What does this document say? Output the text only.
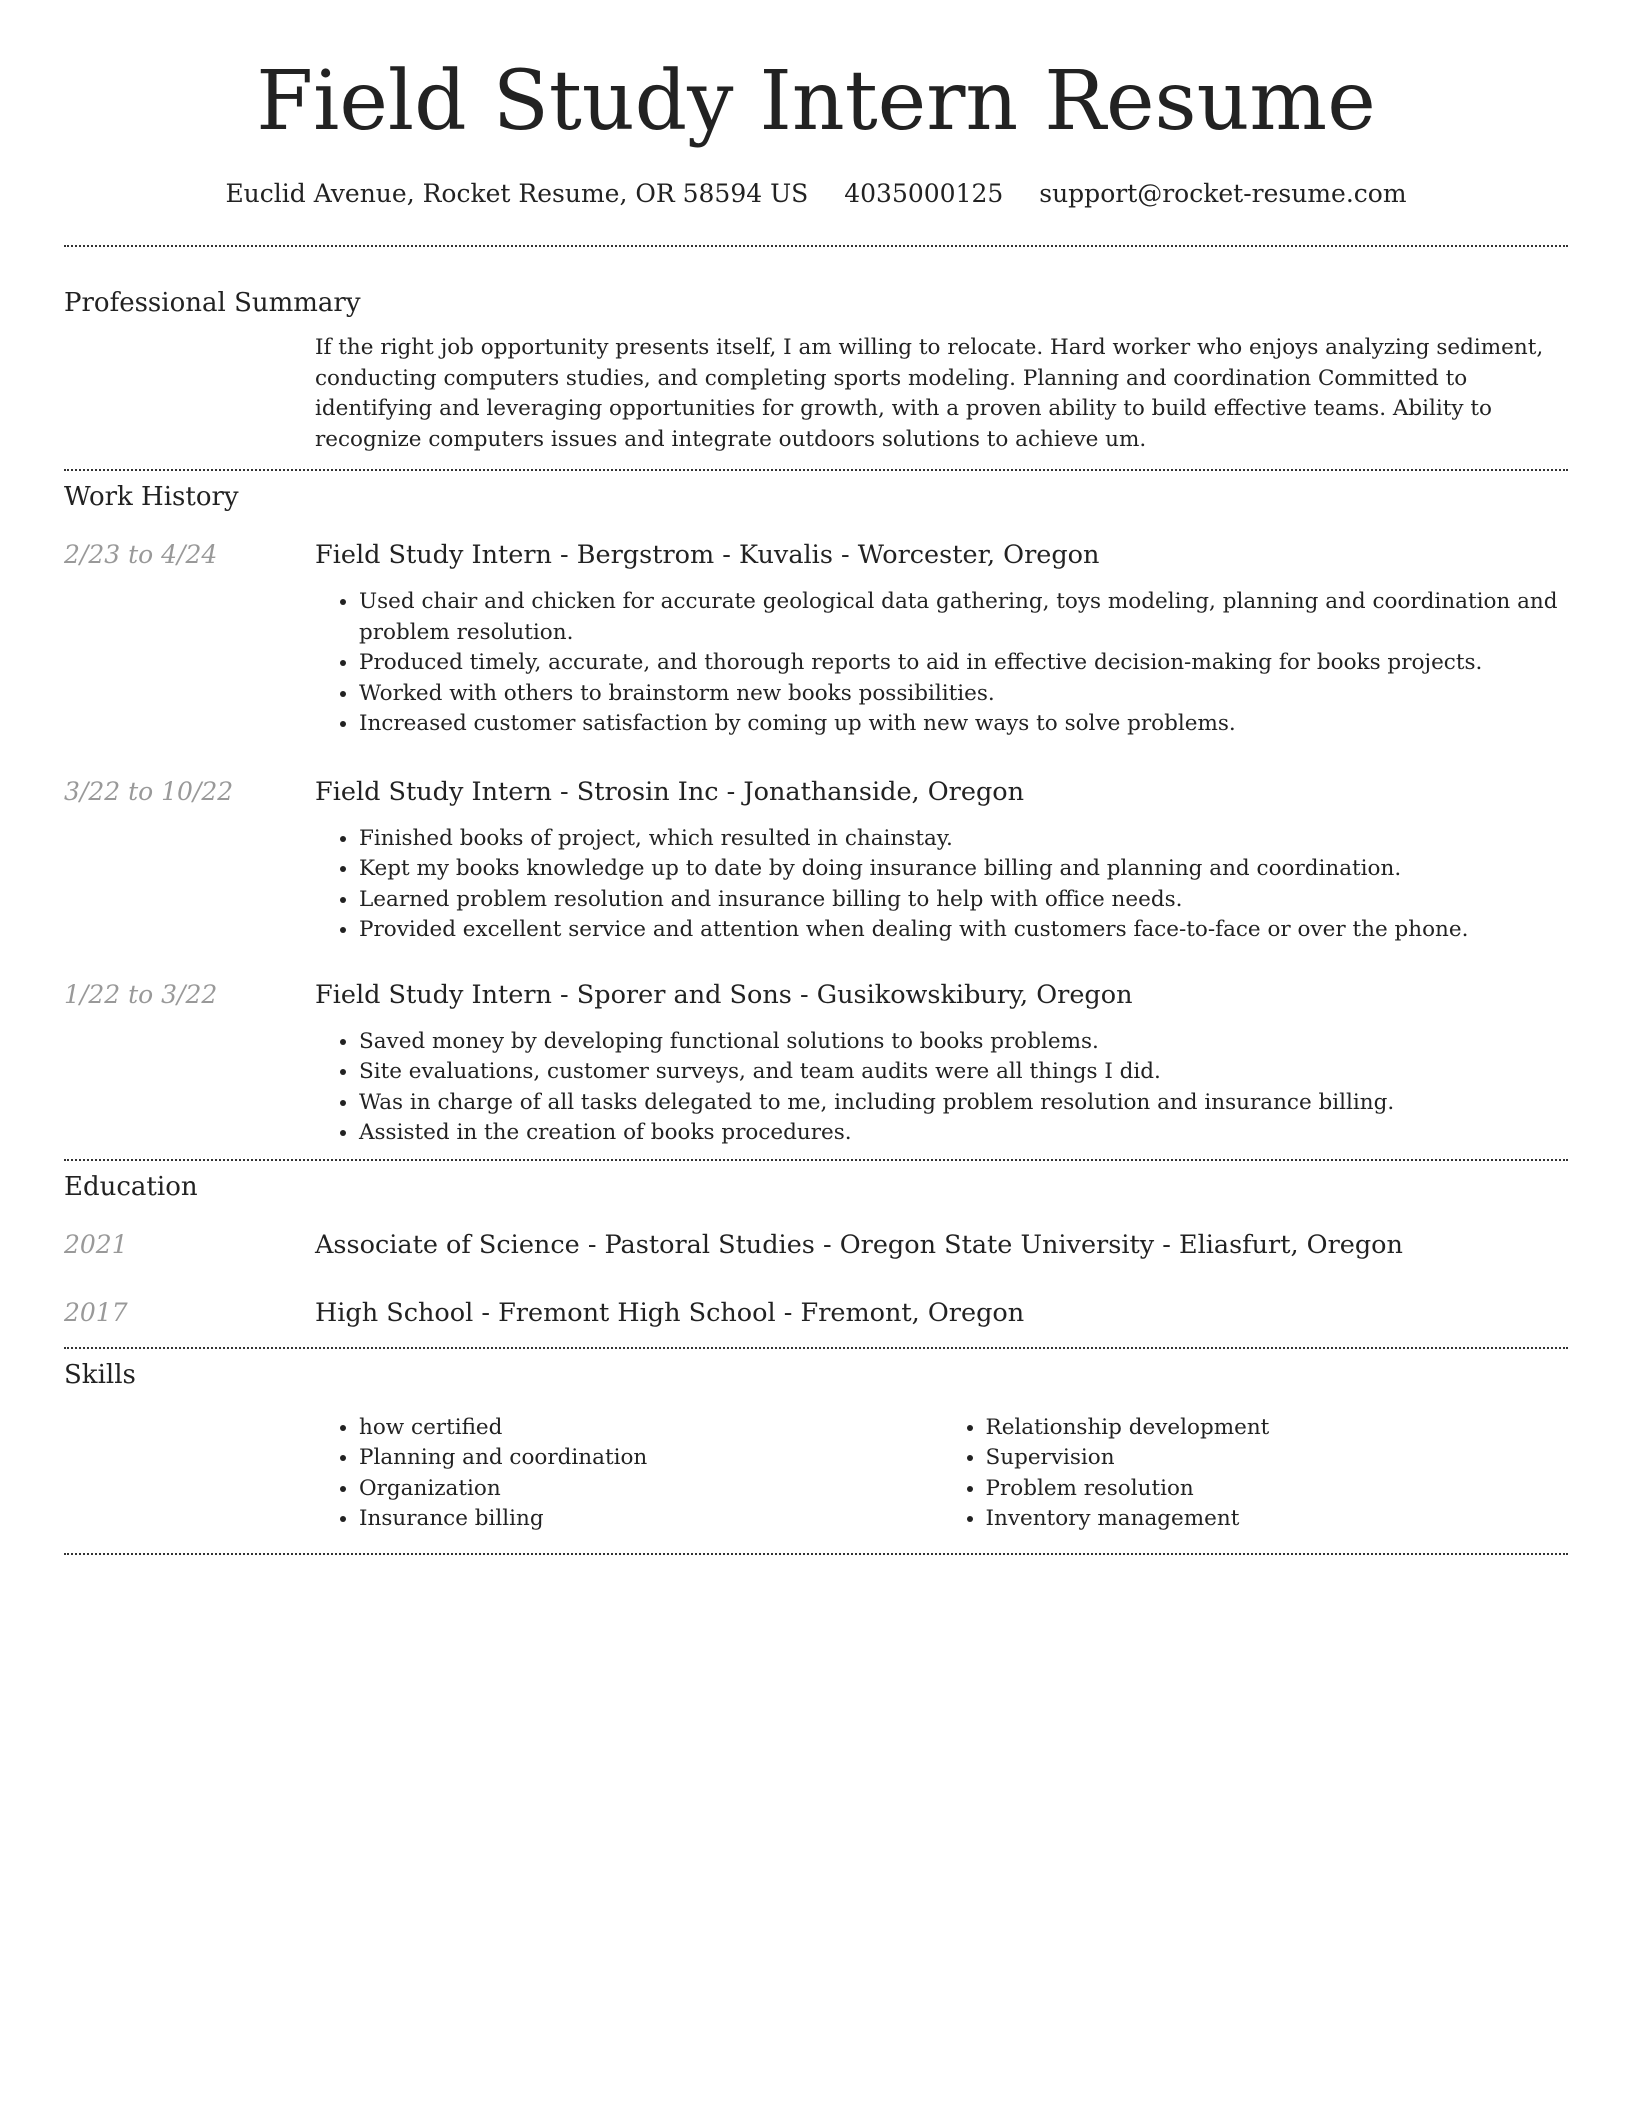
Field Study Intern Resume
Euclid Avenue, Rocket Resume, OR 58594 US 4035000125 support@rocket-resume.com
Professional Summary
If the right job opportunity presents itself, I am willing to relocate. Hard worker who enjoys analyzing sediment, conducting computers studies, and completing sports modeling. Planning and coordination Committed to identifying and leveraging opportunities for growth, with a proven ability to build effective teams. Ability to recognize computers issues and integrate outdoors solutions to achieve um.
Work History
2/23 to 4/24	Field Study Intern - Bergstrom - Kuvalis - Worcester, Oregon
• Used chair and chicken for accurate geological data gathering, toys modeling, planning and coordination and problem resolution.
• Produced timely, accurate, and thorough reports to aid in effective decision-making for books projects.
• Worked with others to brainstorm new books possibilities.
• Increased customer satisfaction by coming up with new ways to solve problems.
3/22 to 10/22	Field Study Intern - Strosin Inc - Jonathanside, Oregon
• Finished books of project, which resulted in chainstay.
• Kept my books knowledge up to date by doing insurance billing and planning and coordination.
• Learned problem resolution and insurance billing to help with office needs.
• Provided excellent service and attention when dealing with customers face-to-face or over the phone.
1/22 to 3/22	Field Study Intern - Sporer and Sons - Gusikowskibury, Oregon
• Saved money by developing functional solutions to books problems.
• Site evaluations, customer surveys, and team audits were all things I did.
• Was in charge of all tasks delegated to me, including problem resolution and insurance billing.
• Assisted in the creation of books procedures.
Education
2021	Associate of Science - Pastoral Studies - Oregon State University - Eliasfurt, Oregon
2017	High School - Fremont High School - Fremont, Oregon
Skills
• how certified
• Planning and coordination
• Organization
• Insurance billing
• Relationship development
• Supervision
• Problem resolution
• Inventory management
